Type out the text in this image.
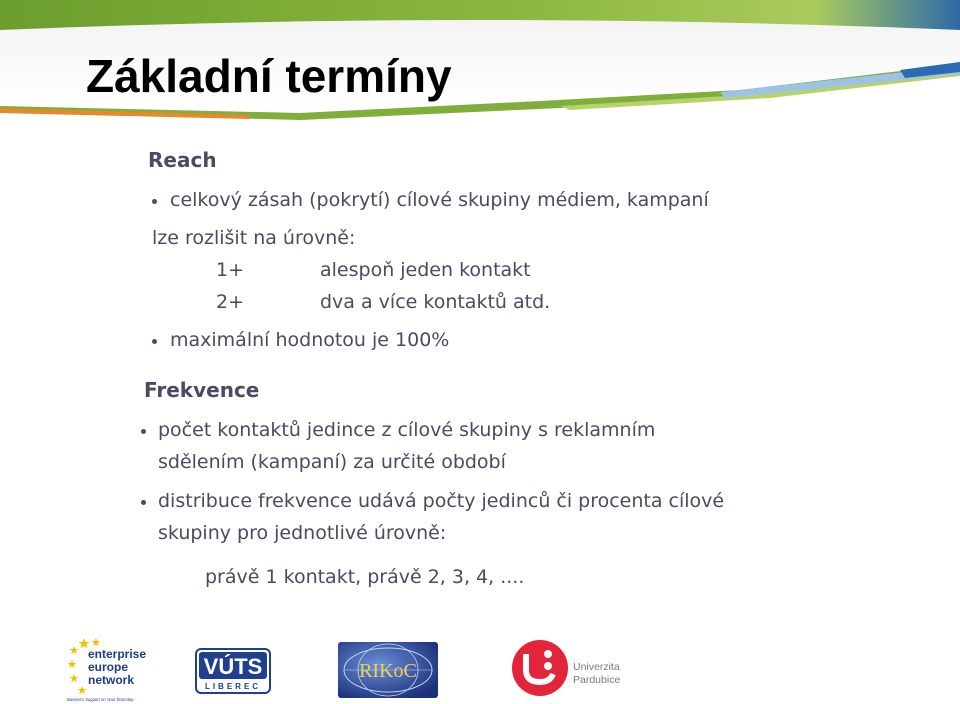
Základní termíny
Reach
celkový zásah (pokrytí) cílové skupiny médiem, kampaní
lze rozlišit na úrovně:
1+	alespoň jeden kontakt
2+	dva a více kontaktů atd.
maximální hodnotou je 100%
Frekvence
počet kontaktů jedince z cílové skupiny s reklamním
sdělením (kampaní) za určité období
distribuce frekvence udává počty jedinců či procenta cílové
skupiny pro jednotlivé úrovně:
právě 1 kontakt, právě 2, 3, 4, ....
enterprise
europe
network
Business Support on Your Doorstep
VÚTS
LIBEREC
RIKoC	Univerzita
Pardubice
